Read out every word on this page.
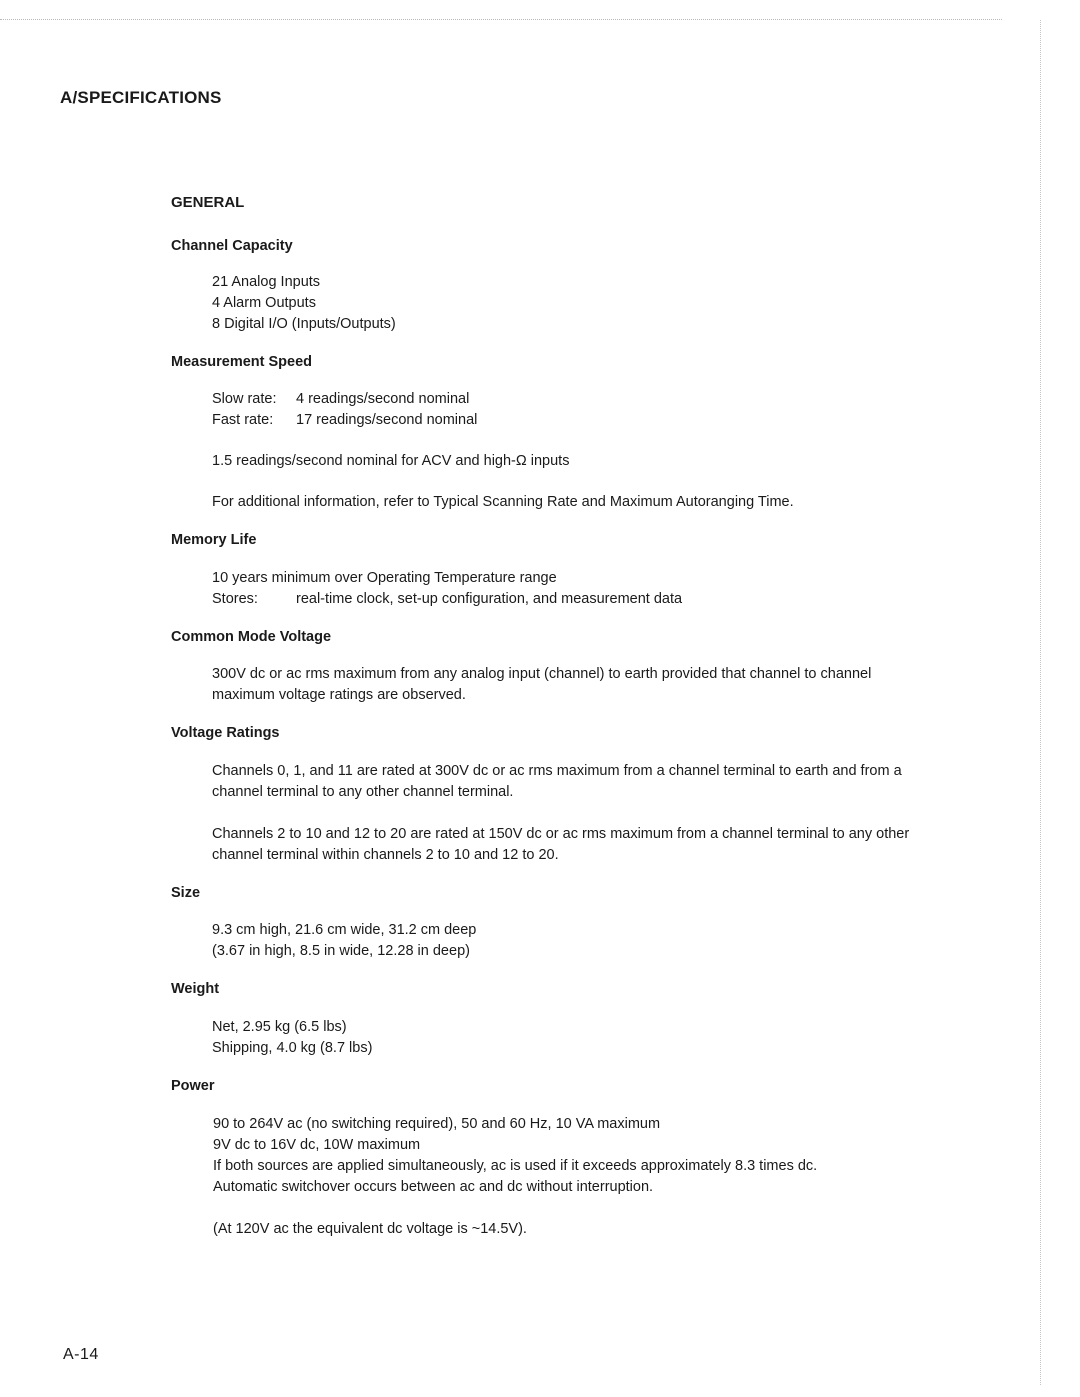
A/SPECIFICATIONS
GENERAL
Channel Capacity
21 Analog Inputs
4 Alarm Outputs
8 Digital I/O (Inputs/Outputs)
Measurement Speed
Slow rate: 4 readings/second nominal
Fast rate: 17 readings/second nominal
1.5 readings/second nominal for ACV and high-Ω inputs
For additional information, refer to Typical Scanning Rate and Maximum Autoranging Time.
Memory Life
10 years minimum over Operating Temperature range
Stores:	real-time clock, set-up configuration, and measurement data
Common Mode Voltage
300V dc or ac rms maximum from any analog input (channel) to earth provided that channel to channel maximum voltage ratings are observed.
Voltage Ratings
Channels 0, 1, and 11 are rated at 300V dc or ac rms maximum from a channel terminal to earth and from a channel terminal to any other channel terminal.
Channels 2 to 10 and 12 to 20 are rated at 150V dc or ac rms maximum from a channel terminal to any other channel terminal within channels 2 to 10 and 12 to 20.
Size
9.3 cm high, 21.6 cm wide, 31.2 cm deep
(3.67 in high, 8.5 in wide, 12.28 in deep)
Weight
Net, 2.95 kg (6.5 lbs)
Shipping, 4.0 kg (8.7 lbs)
Power
90 to 264V ac (no switching required), 50 and 60 Hz, 10 VA maximum
9V dc to 16V dc, 10W maximum
If both sources are applied simultaneously, ac is used if it exceeds approximately 8.3 times dc.
Automatic switchover occurs between ac and dc without interruption.
(At 120V ac the equivalent dc voltage is ~14.5V).
A-14
